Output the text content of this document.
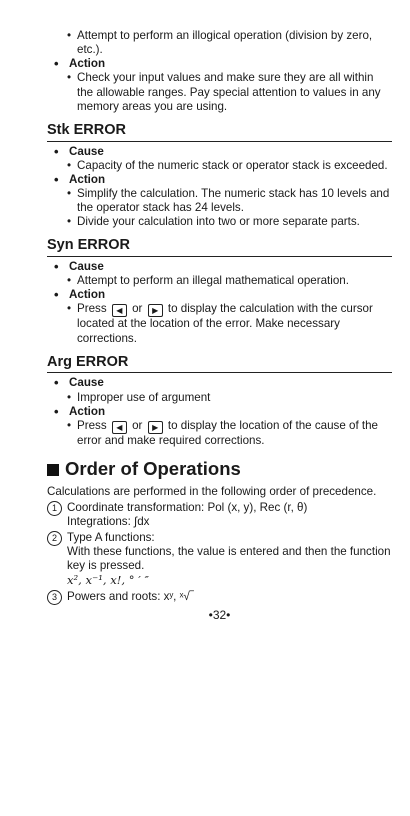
• Attempt to perform an illogical operation (division by zero, etc.).

• Action

• Check your input values and make sure they are all within the allowable ranges. Pay special attention to values in any memory areas you are using.

Stk ERROR

• Cause

• Capacity of the numeric stack or operator stack is exceeded.

• Action

• Simplify the calculation. The numeric stack has 10 levels and the operator stack has 24 levels.

• Divide your calculation into two or more separate parts.

Syn ERROR

• Cause

• Attempt to perform an illegal mathematical operation.

• Action

• Press ◀ or ▶ to display the calculation with the cursor located at the location of the error. Make necessary corrections.

Arg ERROR

• Cause

• Improper use of argument

• Action

• Press ◀ or ▶ to display the location of the cause of the error and make required corrections.

Order of Operations

Calculations are performed in the following order of precedence.

1 Coordinate transformation: Pol (x, y), Rec (r, θ)

Integrations: ∫dx

2 Type A functions:

With these functions, the value is entered and then the function key is pressed.

x², x⁻¹, x!, ° ′ ″

3 Powers and roots: xʸ, ˣ√‾

•32•
